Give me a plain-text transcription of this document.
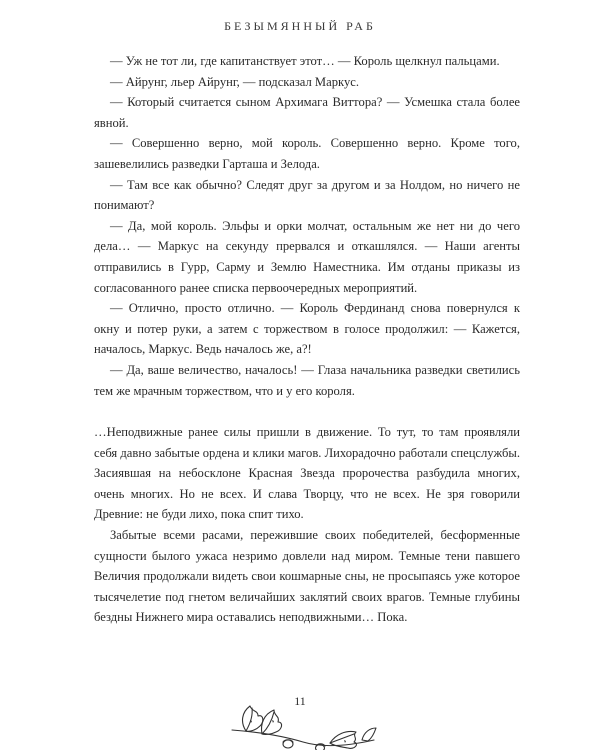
БЕЗЫМЯННЫЙ РАБ

— Уж не тот ли, где капитанствует этот… — Король щелкнул пальцами.

— Айрунг, льер Айрунг, — подсказал Маркус.

— Который считается сыном Архимага Виттора? — Усмешка стала более явной.

— Совершенно верно, мой король. Совершенно верно. Кроме того, зашевелились разведки Гарташа и Зелода.

— Там все как обычно? Следят друг за другом и за Нолдом, но ничего не понимают?

— Да, мой король. Эльфы и орки молчат, остальным же нет ни до чего дела… — Маркус на секунду прервался и откашлялся. — Наши агенты отправились в Гурр, Сарму и Землю Наместника. Им отданы приказы из согласованного ранее списка первоочередных мероприятий.

— Отлично, просто отлично. — Король Фердинанд снова повернулся к окну и потер руки, а затем с торжеством в голосе продолжил: — Кажется, началось, Маркус. Ведь началось же, а?!

— Да, ваше величество, началось! — Глаза начальника разведки светились тем же мрачным торжеством, что и у его короля.

…Неподвижные ранее силы пришли в движение. То тут, то там проявляли себя давно забытые ордена и клики магов. Лихорадочно работали спецслужбы. Засиявшая на небосклоне Красная Звезда пророчества разбудила многих, очень многих. Но не всех. И слава Творцу, что не всех. Не зря говорили Древние: не буди лихо, пока спит тихо.

Забытые всеми расами, пережившие своих победителей, бесформенные сущности былого ужаса незримо довлели над миром. Темные тени павшего Величия продолжали видеть свои кошмарные сны, не просыпаясь уже которое тысячелетие под гнетом величайших заклятий своих врагов. Темные глубины бездны Нижнего мира оставались неподвижными… Пока.

11
